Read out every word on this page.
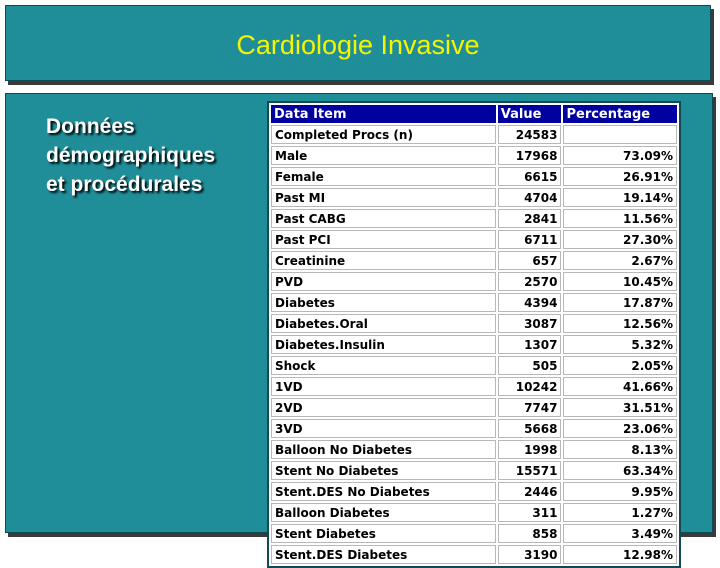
Cardiologie Invasive
Données
démographiques
et procédurales
Data Item	Value	Percentage
Completed Procs (n)	24583	
Male	17968	73.09%
Female	6615	26.91%
Past MI	4704	19.14%
Past CABG	2841	11.56%
Past PCI	6711	27.30%
Creatinine	657	2.67%
PVD	2570	10.45%
Diabetes	4394	17.87%
Diabetes.Oral	3087	12.56%
Diabetes.Insulin	1307	5.32%
Shock	505	2.05%
1VD	10242	41.66%
2VD	7747	31.51%
3VD	5668	23.06%
Balloon No Diabetes	1998	8.13%
Stent No Diabetes	15571	63.34%
Stent.DES No Diabetes	2446	9.95%
Balloon Diabetes	311	1.27%
Stent Diabetes	858	3.49%
Stent.DES Diabetes	3190	12.98%
